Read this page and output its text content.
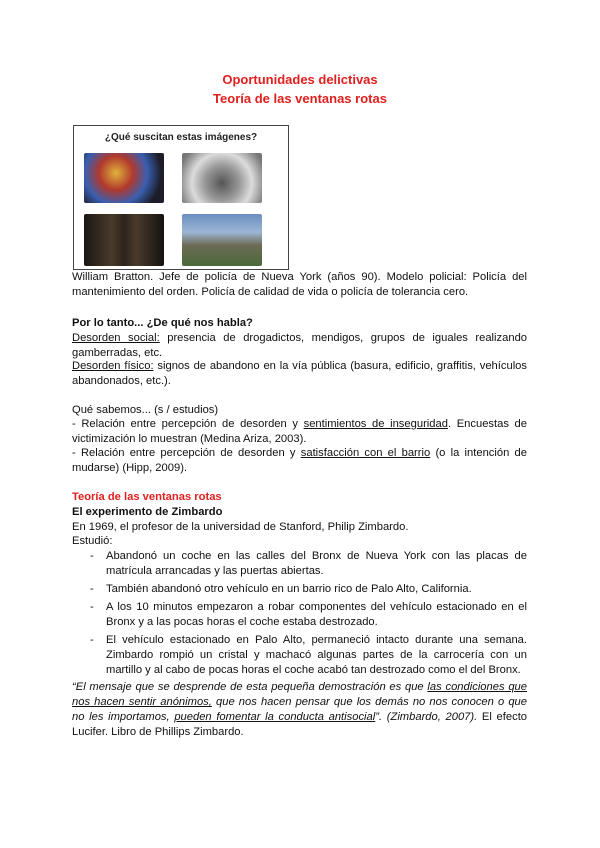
Oportunidades delictivas
Teoría de las ventanas rotas
¿Qué suscitan estas imágenes?

William Bratton. Jefe de policía de Nueva York (años 90). Modelo policial: Policía del mantenimiento del orden. Policía de calidad de vida o policía de tolerancia cero.

Por lo tanto... ¿De qué nos habla?

Desorden social: presencia de drogadictos, mendigos, grupos de iguales realizando gamberradas, etc.

Desorden físico: signos de abandono en la vía pública (basura, edificio, graffitis, vehículos abandonados, etc.).

Qué sabemos... (s / estudios)

- Relación entre percepción de desorden y sentimientos de inseguridad. Encuestas de victimización lo muestran (Medina Ariza, 2003).

- Relación entre percepción de desorden y satisfacción con el barrio (o la intención de mudarse) (Hipp, 2009).

Teoría de las ventanas rotas
El experimento de Zimbardo
En 1969, el profesor de la universidad de Stanford, Philip Zimbardo.
Estudió:
- Abandonó un coche en las calles del Bronx de Nueva York con las placas de matrícula arrancadas y las puertas abiertas.
- También abandonó otro vehículo en un barrio rico de Palo Alto, California.
- A los 10 minutos empezaron a robar componentes del vehículo estacionado en el Bronx y a las pocas horas el coche estaba destrozado.
- El vehículo estacionado en Palo Alto, permaneció intacto durante una semana. Zimbardo rompió un cristal y machacó algunas partes de la carrocería con un martillo y al cabo de pocas horas el coche acabó tan destrozado como el del Bronx.

“El mensaje que se desprende de esta pequeña demostración es que las condiciones que nos hacen sentir anónimos, que nos hacen pensar que los demás no nos conocen o que no les importamos, pueden fomentar la conducta antisocial”. (Zimbardo, 2007). El efecto Lucifer. Libro de Phillips Zimbardo.
